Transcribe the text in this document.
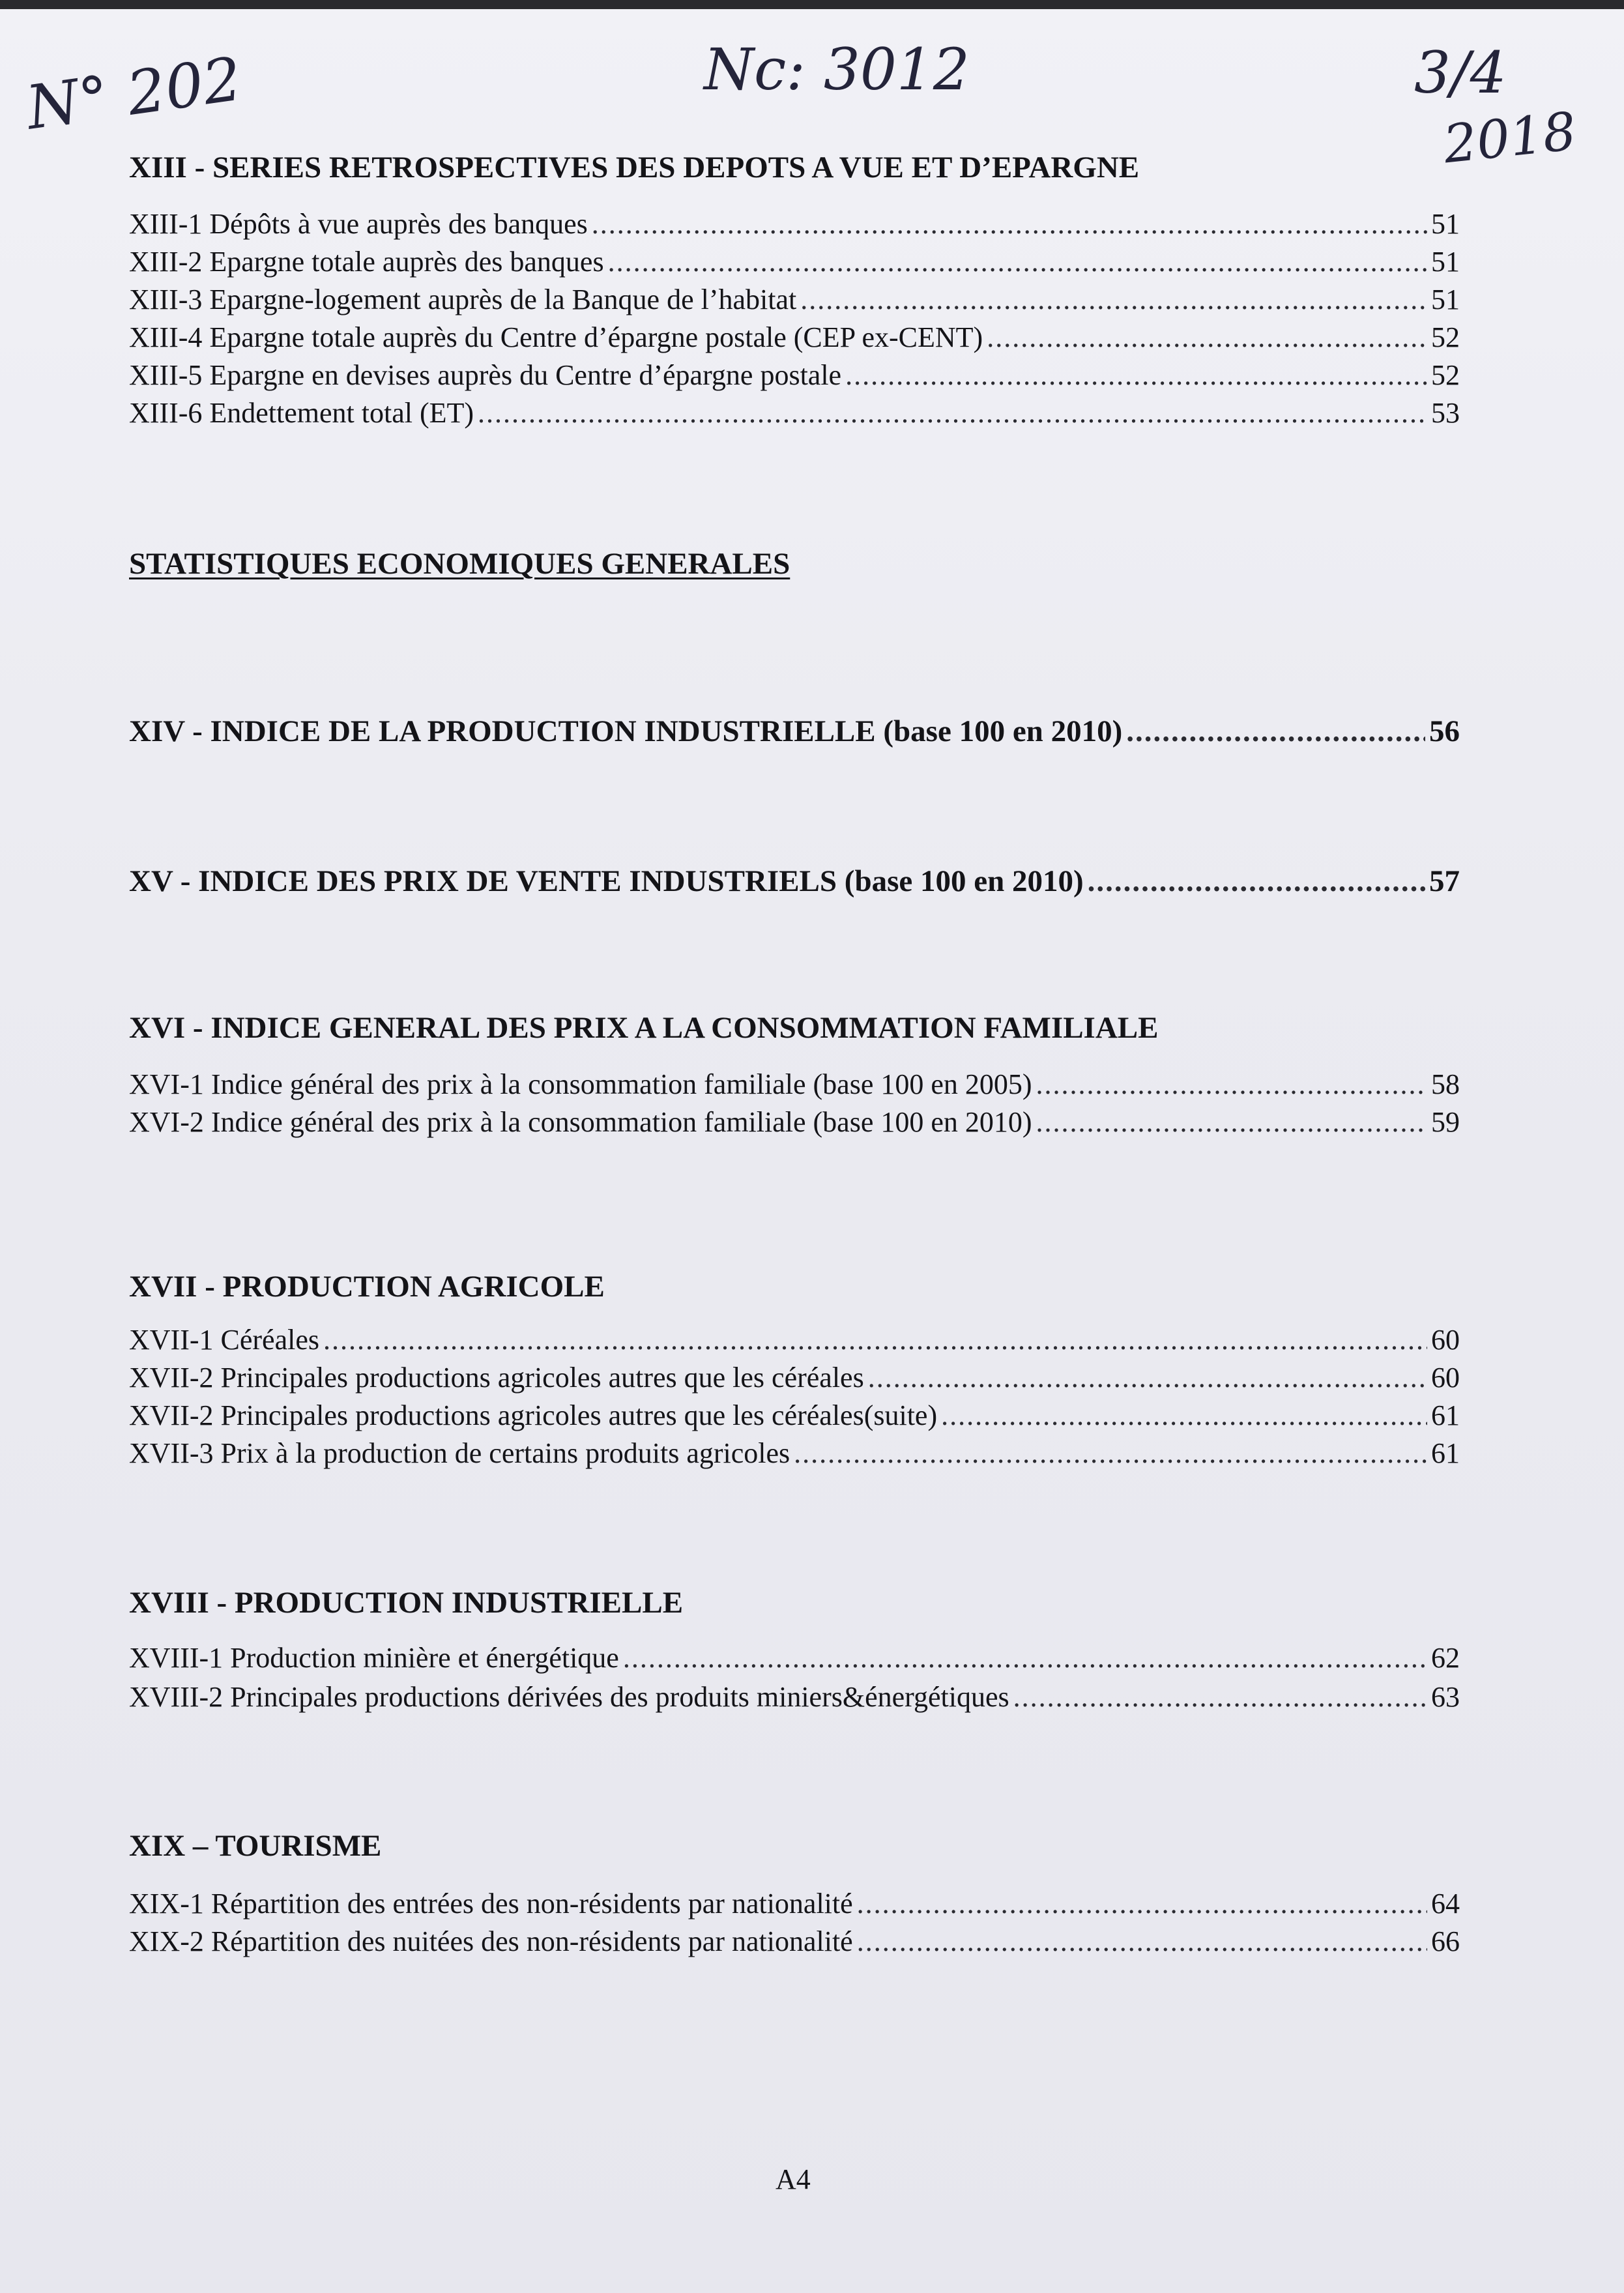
N° 202	Nc: 3012	3/4
2018
XIII - SERIES RETROSPECTIVES DES DEPOTS A VUE ET D’EPARGNE
XIII-1 Dépôts à vue auprès des banques .....	51
XIII-2 Epargne totale auprès des banques .....	51
XIII-3 Epargne-logement auprès de la Banque de l’habitat .....	51
XIII-4 Epargne totale auprès du Centre d’épargne postale (CEP ex-CENT) .....	52
XIII-5 Epargne en devises auprès du Centre d’épargne postale .....	52
XIII-6 Endettement total (ET) .....	53
STATISTIQUES ECONOMIQUES GENERALES
XIV - INDICE DE LA PRODUCTION INDUSTRIELLE (base 100 en 2010) .....	56
XV - INDICE DES PRIX DE VENTE INDUSTRIELS (base 100 en 2010) .....	57
XVI - INDICE GENERAL DES PRIX A LA CONSOMMATION FAMILIALE
XVI-1 Indice général des prix à la consommation familiale (base 100 en 2005) .....	58
XVI-2 Indice général des prix à la consommation familiale (base 100 en 2010) .....	59
XVII - PRODUCTION AGRICOLE
XVII-1 Céréales .....	60
XVII-2 Principales productions agricoles autres que les céréales .....	60
XVII-2 Principales productions agricoles autres que les céréales(suite) .....	61
XVII-3 Prix à la production de certains produits agricoles .....	61
XVIII - PRODUCTION INDUSTRIELLE
XVIII-1 Production minière et énergétique .....	62
XVIII-2 Principales productions dérivées des produits miniers&énergétiques .....	63
XIX – TOURISME
XIX-1 Répartition des entrées des non-résidents par nationalité .....	64
XIX-2 Répartition des nuitées des non-résidents par nationalité .....	66
A4
